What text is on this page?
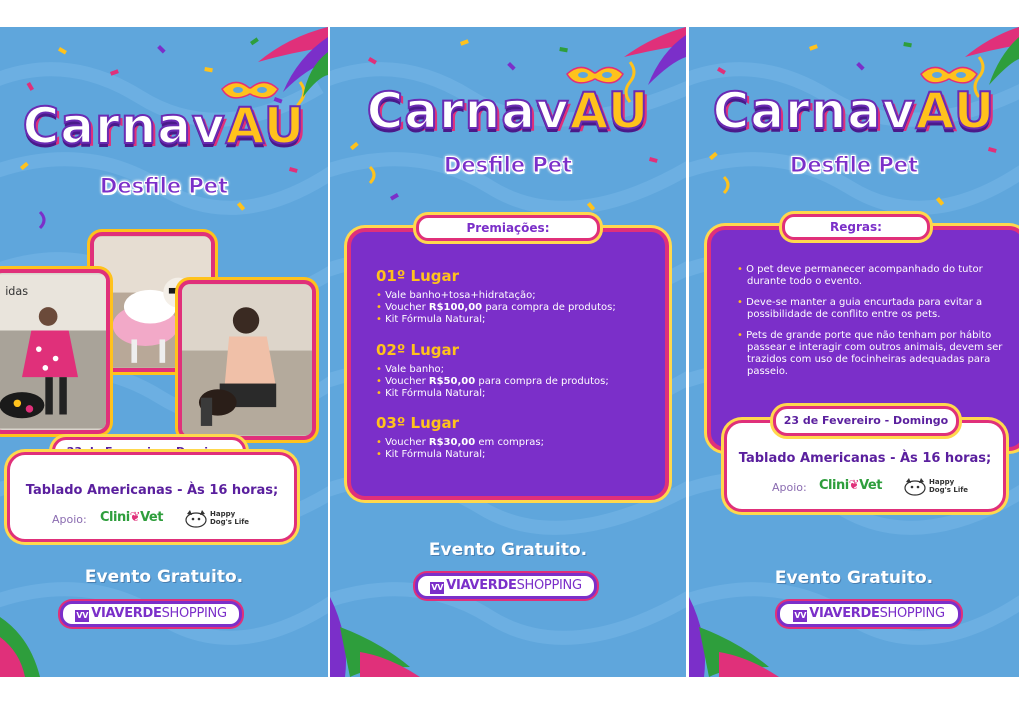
CarnavAU
Desfile Pet
idas
Tablado Americanas - Às 16 horas;
Apoio: Clini❦Vet	Happy
Dog's Life
Evento Gratuito.
VV VIAVERDESHOPPING
CarnavAU
Desfile Pet
01º Lugar
• Vale banho+tosa+hidratação;
• Voucher R$100,00 para compra de produtos;
• Kit Fórmula Natural;
02º Lugar
• Vale banho;
• Voucher R$50,00 para compra de produtos;
• Kit Fórmula Natural;
03º Lugar
• Voucher R$30,00 em compras;
• Kit Fórmula Natural;
Premiações:
Evento Gratuito.
VV VIAVERDESHOPPING
CarnavAU
Desfile Pet
• O pet deve permanecer acompanhado do tutor durante todo o evento.
• Deve-se manter a guia encurtada para evitar a possibilidade de conflito entre os pets.
• Pets de grande porte que não tenham por hábito passear e interagir com outros animais, devem ser trazidos com uso de focinheiras adequadas para passeio.
Regras:
Tablado Americanas - Às 16 horas;
Apoio: Clini❦Vet	Happy
Dog's Life
23 de Fevereiro - Domingo
Evento Gratuito.
VV VIAVERDESHOPPING
